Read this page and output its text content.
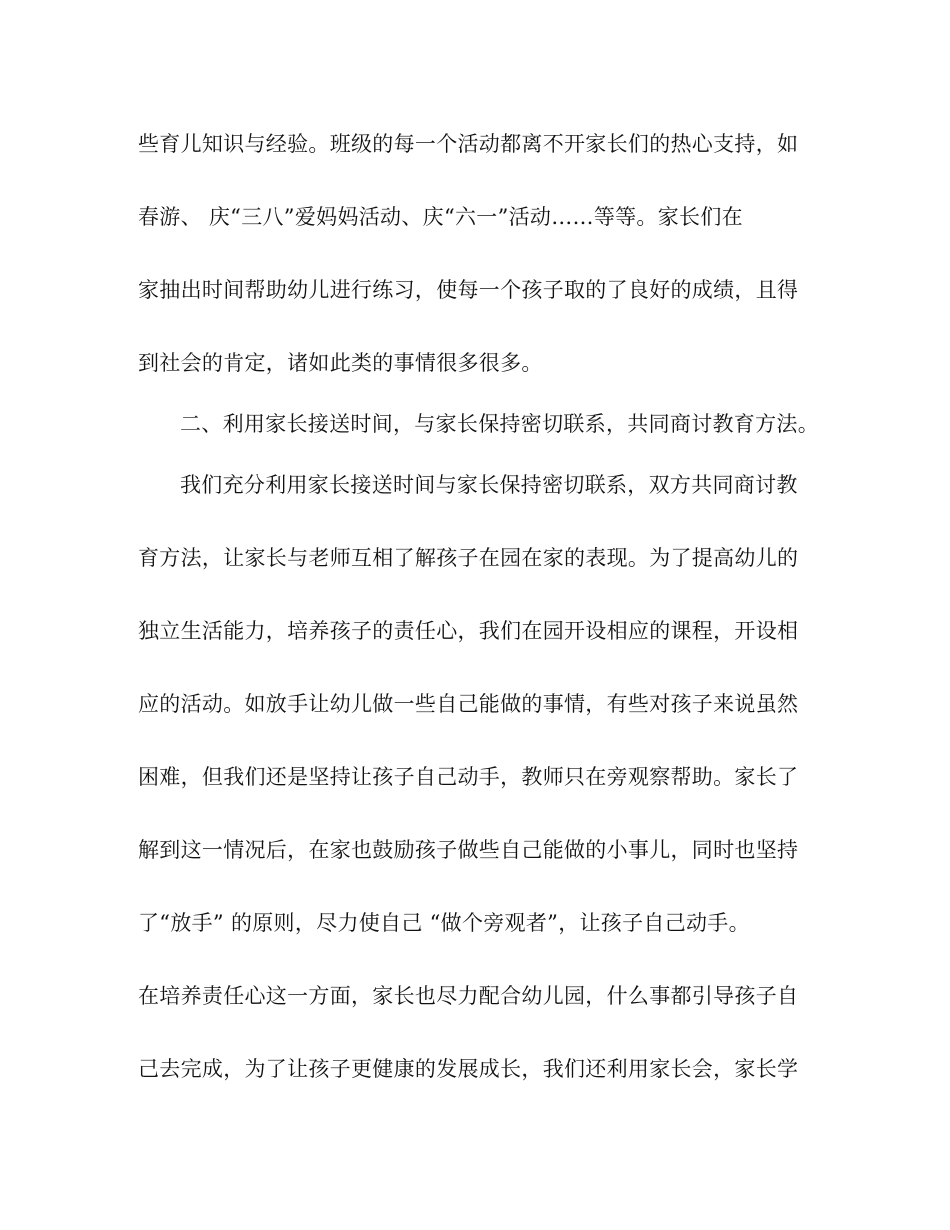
些育儿知识与经验。班级的每一个活动都离不开家长们的热心支持，如
春游、 庆“三八”爱妈妈活动、庆“六一”活动……等等。家长们在
家抽出时间帮助幼儿进行练习，使每一个孩子取的了良好的成绩，且得
到社会的肯定，诸如此类的事情很多很多。
二、利用家长接送时间，与家长保持密切联系，共同商讨教育方法。
我们充分利用家长接送时间与家长保持密切联系，双方共同商讨教
育方法，让家长与老师互相了解孩子在园在家的表现。为了提高幼儿的
独立生活能力，培养孩子的责任心，我们在园开设相应的课程，开设相
应的活动。如放手让幼儿做一些自己能做的事情，有些对孩子来说虽然
困难，但我们还是坚持让孩子自己动手，教师只在旁观察帮助。家长了
解到这一情况后，在家也鼓励孩子做些自己能做的小事儿，同时也坚持
了“放手” 的原则，尽力使自己 “做个旁观者”，让孩子自己动手。
在培养责任心这一方面，家长也尽力配合幼儿园，什么事都引导孩子自
己去完成，为了让孩子更健康的发展成长，我们还利用家长会，家长学
